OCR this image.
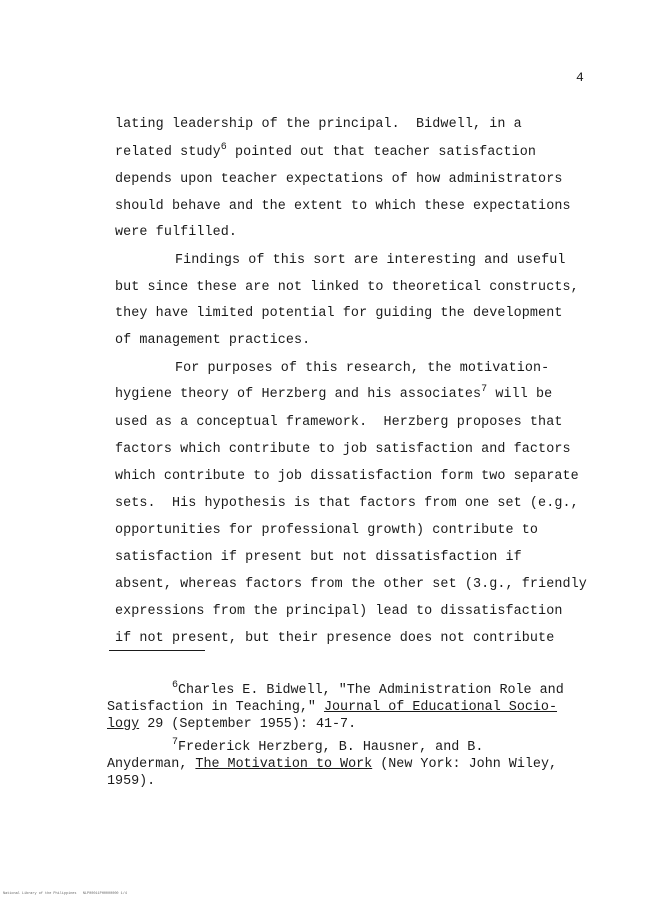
4
lating leadership of the principal.  Bidwell, in a
related study$^6$ pointed out that teacher satisfaction
depends upon teacher expectations of how administrators
should behave and the extent to which these expectations
were fulfilled.
Findings of this sort are interesting and useful
but since these are not linked to theoretical constructs,
they have limited potential for guiding the development
of management practices.
For purposes of this research, the motivation-
hygiene theory of Herzberg and his associates$^7$ will be
used as a conceptual framework.  Herzberg proposes that
factors which contribute to job satisfaction and factors
which contribute to job dissatisfaction form two separate
sets.  His hypothesis is that factors from one set (e.g.,
opportunities for professional growth) contribute to
satisfaction if present but not dissatisfaction if
absent, whereas factors from the other set (3.g., friendly
expressions from the principal) lead to dissatisfaction
if not present, but their presence does not contribute
$^6$Charles E. Bidwell, "The Administration Role and
Satisfaction in Teaching," Journal of Educational Socio-
logy 29 (September 1955): 41-7.
$^7$Frederick Herzberg, B. Hausner, and B.
Anyderman, The Motivation to Work (New York: John Wiley,
1959).
National Library of the Philippines   NLP00011PH0000000 1/4
